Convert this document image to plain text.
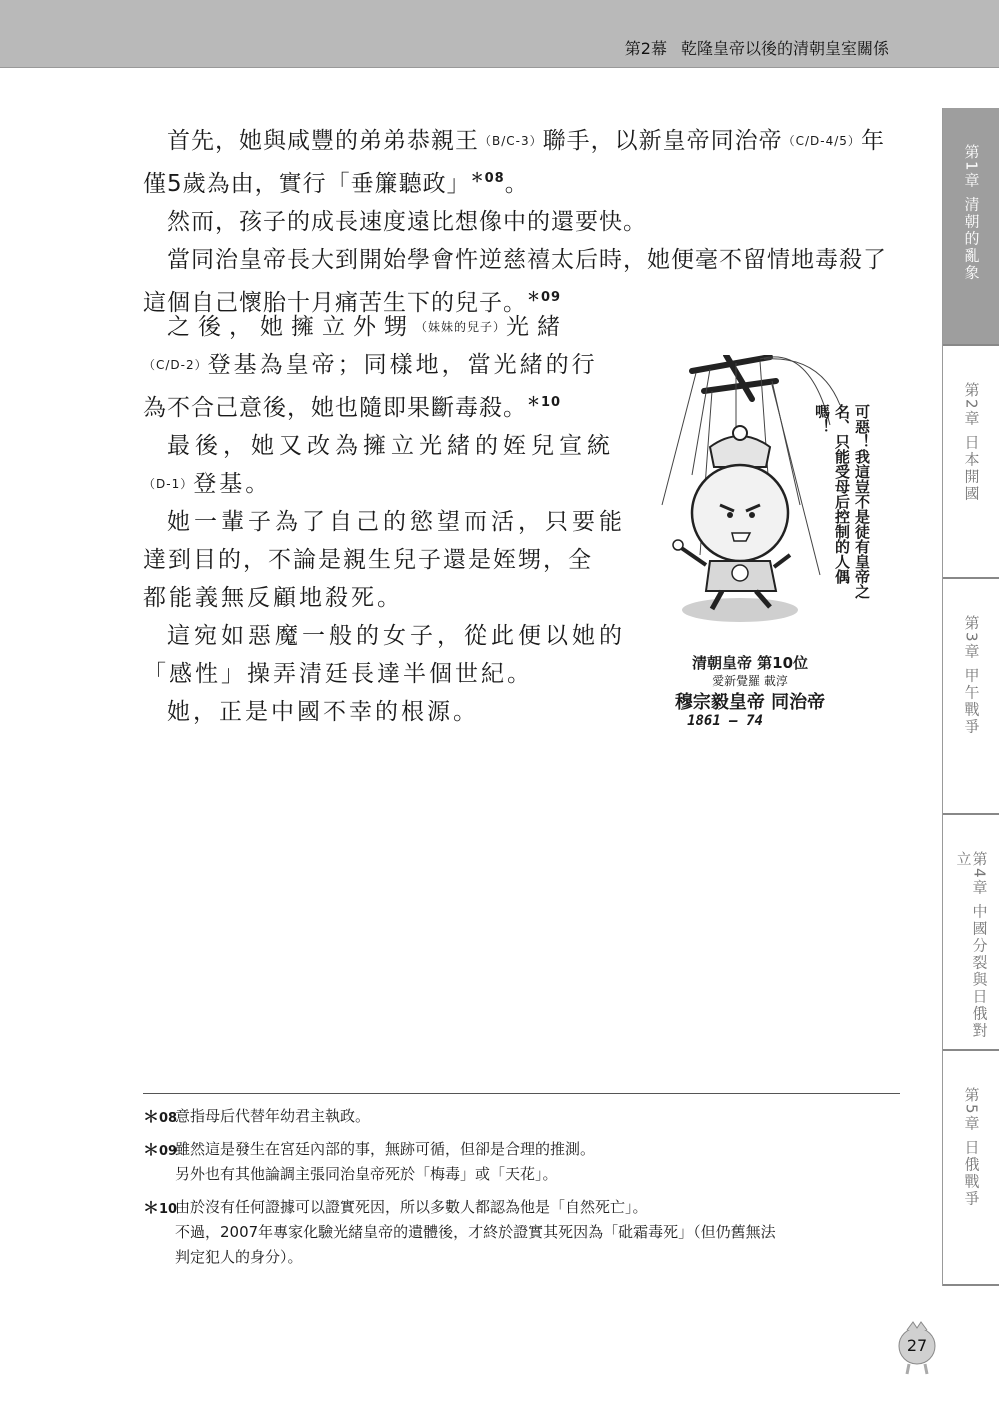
第2幕 乾隆皇帝以後的清朝皇室關係
首先，她與咸豐的弟弟恭親王（B/C-3）聯手，以新皇帝同治帝（C/D-4/5）年
僅5歲為由，實行「垂簾聽政」$^{*08}$。
然而，孩子的成長速度遠比想像中的還要快。
當同治皇帝長大到開始學會忤逆慈禧太后時，她便毫不留情地毒殺了
這個自己懷胎十月痛苦生下的兒子。$^{*09}$
之後，她擁立外甥（妹妹的兒子）光緒
（C/D-2）登基為皇帝；同樣地，當光緒的行
為不合己意後，她也隨即果斷毒殺。$^{*10}$
最後，她又改為擁立光緒的姪兒宣統
（D-1）登基。
她一輩子為了自己的慾望而活，只要能
達到目的，不論是親生兒子還是姪甥，全
都能義無反顧地殺死。
這宛如惡魔一般的女子，從此便以她的
「感性」操弄清廷長達半個世紀。
她，正是中國不幸的根源。
可惡！我這豈不是徒有皇帝之名、只能受母后控制的人偶嗎！
清朝皇帝 第10位
愛新覺羅 載淳
穆宗毅皇帝 同治帝
1861 – 74
＊08
意指母后代替年幼君主執政。
＊09
雖然這是發生在宮廷內部的事，無跡可循，但卻是合理的推測。
另外也有其他論調主張同治皇帝死於「梅毒」或「天花」。
＊10
由於沒有任何證據可以證實死因，所以多數人都認為他是「自然死亡」。
不過，2007年專家化驗光緒皇帝的遺體後，才終於證實其死因為「砒霜毒死」（但仍舊無法
判定犯人的身分）。
第1章 清朝的亂象
第2章 日本開國
第3章 甲午戰爭
第4章 中國分裂與日俄對立
第5章 日俄戰爭
27
